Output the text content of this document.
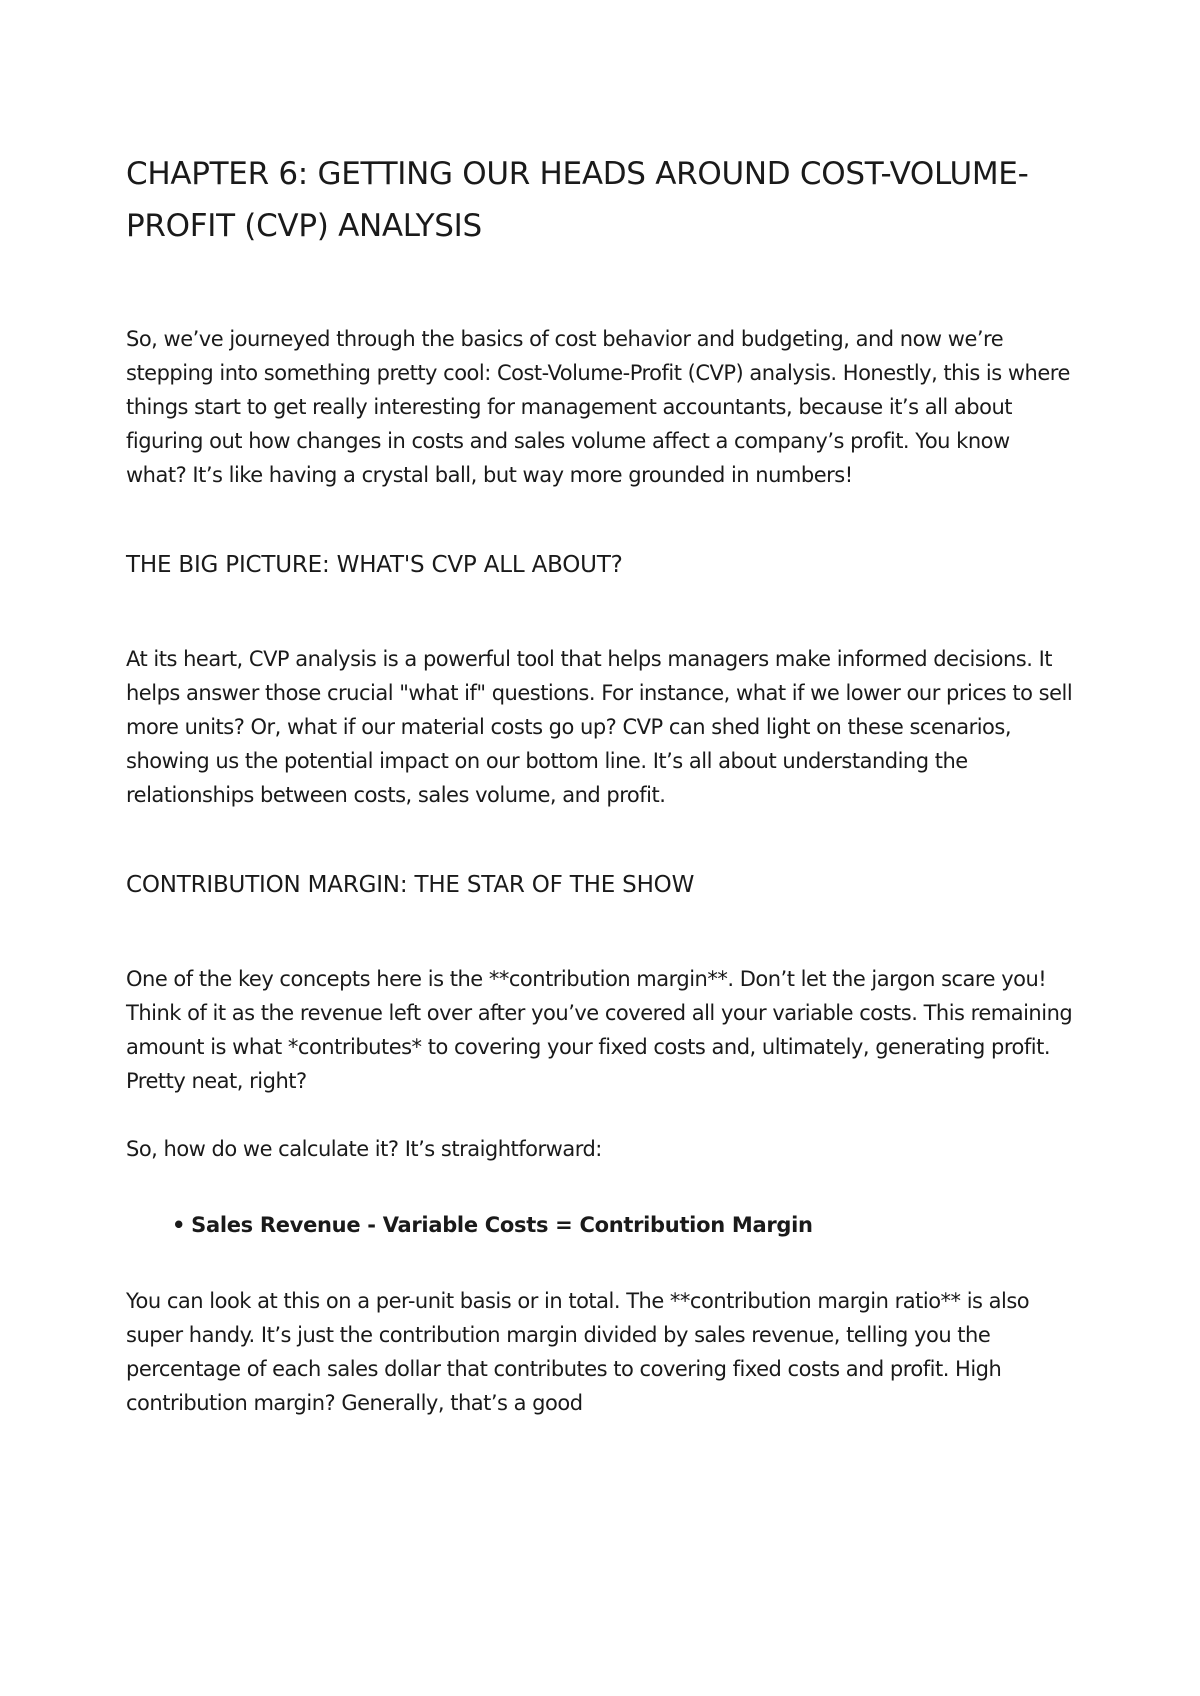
CHAPTER 6: GETTING OUR HEADS AROUND COST-VOLUME-PROFIT (CVP) ANALYSIS

So, we’ve journeyed through the basics of cost behavior and budgeting, and now we’re stepping into something pretty cool: Cost-Volume-Profit (CVP) analysis. Honestly, this is where things start to get really interesting for management accountants, because it’s all about figuring out how changes in costs and sales volume affect a company’s profit. You know what? It’s like having a crystal ball, but way more grounded in numbers!

THE BIG PICTURE: WHAT'S CVP ALL ABOUT?

At its heart, CVP analysis is a powerful tool that helps managers make informed decisions. It helps answer those crucial "what if" questions. For instance, what if we lower our prices to sell more units? Or, what if our material costs go up? CVP can shed light on these scenarios, showing us the potential impact on our bottom line. It’s all about understanding the relationships between costs, sales volume, and profit.

CONTRIBUTION MARGIN: THE STAR OF THE SHOW

One of the key concepts here is the **contribution margin**. Don’t let the jargon scare you! Think of it as the revenue left over after you’ve covered all your variable costs. This remaining amount is what *contributes* to covering your fixed costs and, ultimately, generating profit. Pretty neat, right?

So, how do we calculate it? It’s straightforward:

• Sales Revenue - Variable Costs = Contribution Margin

You can look at this on a per-unit basis or in total. The **contribution margin ratio** is also super handy. It’s just the contribution margin divided by sales revenue, telling you the percentage of each sales dollar that contributes to covering fixed costs and profit. High contribution margin? Generally, that’s a good
